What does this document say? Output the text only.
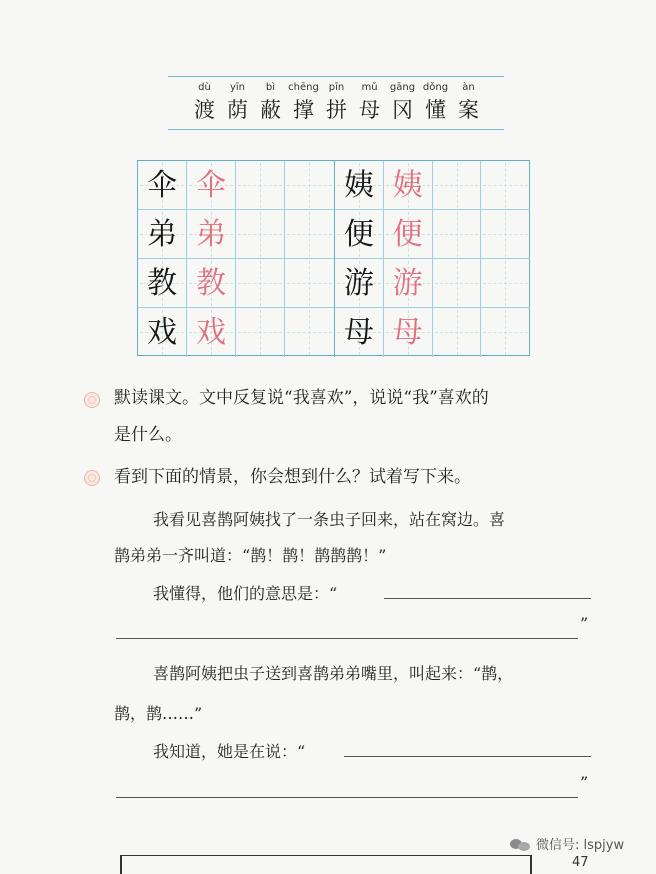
dù
渡
yīn
荫
bì
蔽
chēng
撑
pīn
拼
mǔ
母
gāng
冈
dǒng
懂
àn
案
伞 伞
弟 弟
教 教
戏 戏
姨 姨
便 便
游 游
母 母
默读课文。文中反复说“我喜欢”，说说“我”喜欢的
是什么。
看到下面的情景，你会想到什么？试着写下来。
我看见喜鹊阿姨找了一条虫子回来，站在窝边。喜
鹊弟弟一齐叫道：“鹊！鹊！鹊鹊鹊！”
我懂得，他们的意思是：“
”
喜鹊阿姨把虫子送到喜鹊弟弟嘴里，叫起来：“鹊，
鹊，鹊……”
我知道，她是在说：“
”
微信号: lspjyw
47
